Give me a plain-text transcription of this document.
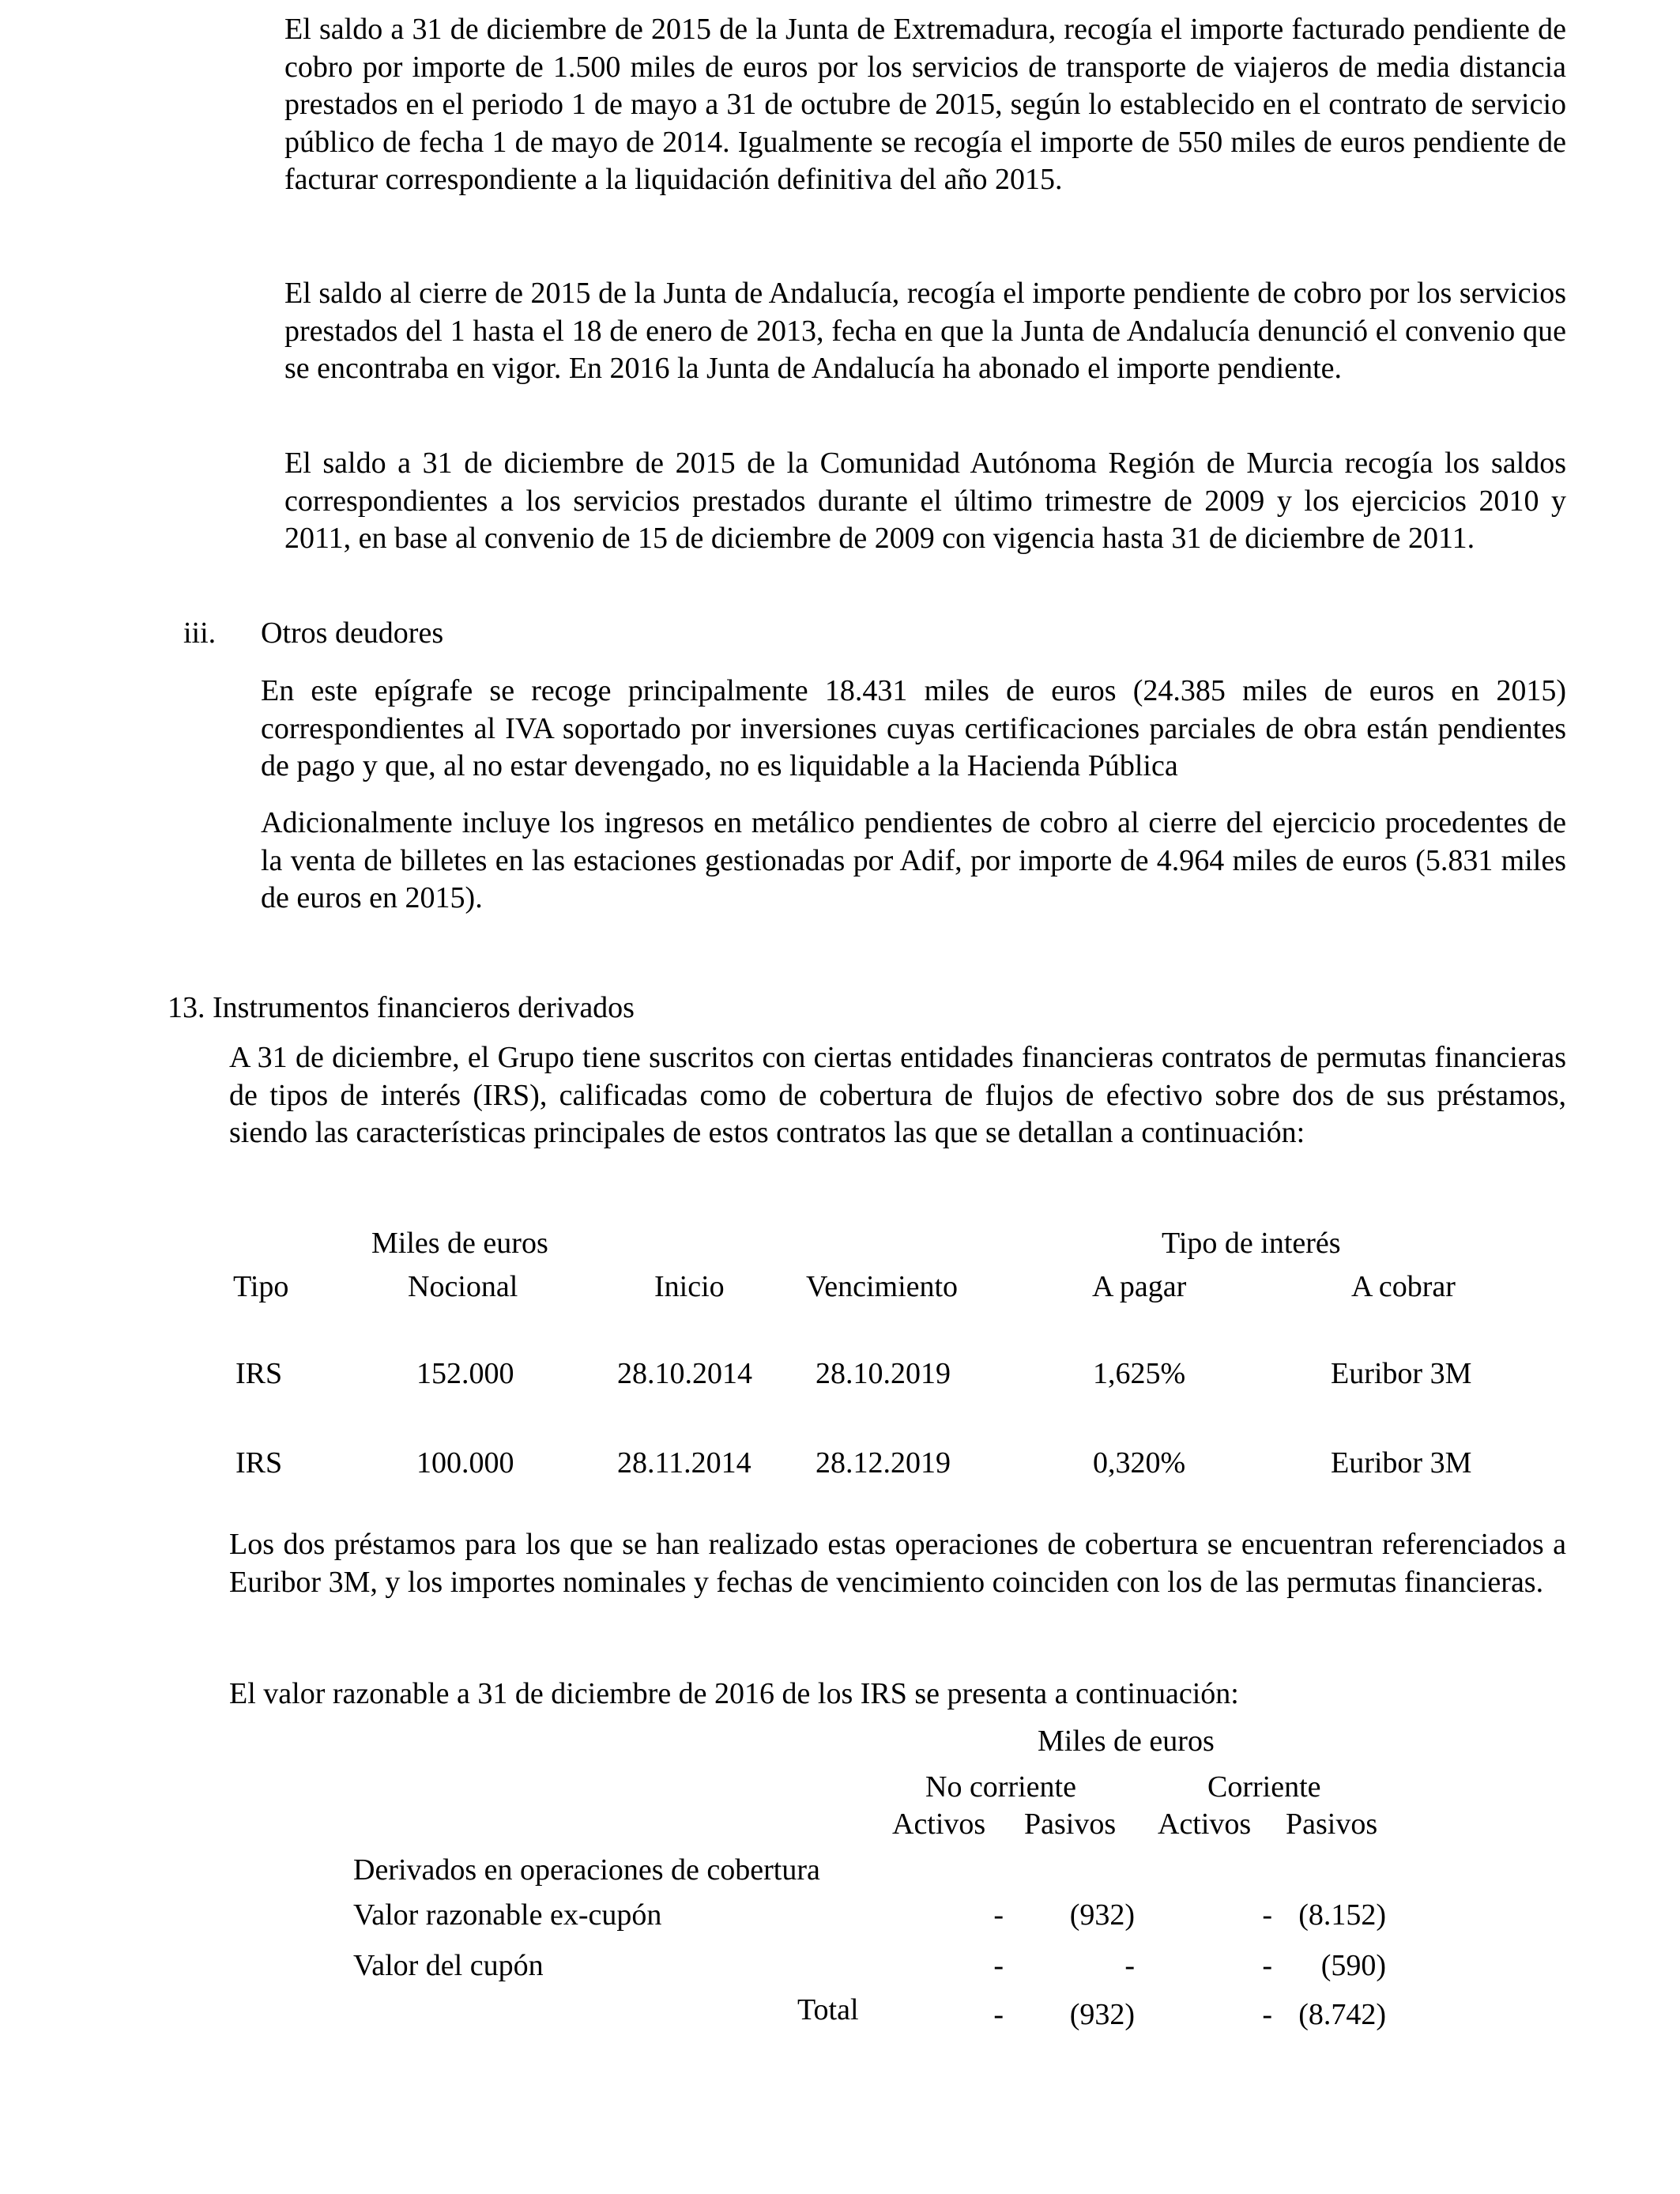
El saldo a 31 de diciembre de 2015 de la Junta de Extremadura, recogía el importe facturado pendiente de cobro por importe de 1.500 miles de euros por los servicios de transporte de viajeros de media distancia prestados en el periodo 1 de mayo a 31 de octubre de 2015, según lo establecido en el contrato de servicio público de fecha 1 de mayo de 2014. Igualmente se recogía el importe de 550 miles de euros pendiente de facturar correspondiente a la liquidación definitiva del año 2015.

El saldo al cierre de 2015 de la Junta de Andalucía, recogía el importe pendiente de cobro por los servicios prestados del 1 hasta el 18 de enero de 2013, fecha en que la Junta de Andalucía denunció el convenio que se encontraba en vigor. En 2016 la Junta de Andalucía ha abonado el importe pendiente.

El saldo a 31 de diciembre de 2015 de la Comunidad Autónoma Región de Murcia recogía los saldos correspondientes a los servicios prestados durante el último trimestre de 2009 y los ejercicios 2010 y 2011, en base al convenio de 15 de diciembre de 2009 con vigencia hasta 31 de diciembre de 2011.

iii. Otros deudores

En este epígrafe se recoge principalmente 18.431 miles de euros (24.385 miles de euros en 2015) correspondientes al IVA soportado por inversiones cuyas certificaciones parciales de obra están pendientes de pago y que, al no estar devengado, no es liquidable a la Hacienda Pública

Adicionalmente incluye los ingresos en metálico pendientes de cobro al cierre del ejercicio procedentes de la venta de billetes en las estaciones gestionadas por Adif, por importe de 4.964 miles de euros (5.831 miles de euros en 2015).

13. Instrumentos financieros derivados

A 31 de diciembre, el Grupo tiene suscritos con ciertas entidades financieras contratos de permutas financieras de tipos de interés (IRS), calificadas como de cobertura de flujos de efectivo sobre dos de sus préstamos, siendo las características principales de estos contratos las que se detallan a continuación:

Miles de euros	Tipo de interés
Tipo	Nocional	Inicio	Vencimiento	A pagar	A cobrar
IRS	152.000	28.10.2014 28.10.2019	1,625%	Euribor 3M
IRS	100.000	28.11.2014 28.12.2019	0,320%	Euribor 3M

Los dos préstamos para los que se han realizado estas operaciones de cobertura se encuentran referenciados a Euribor 3M, y los importes nominales y fechas de vencimiento coinciden con los de las permutas financieras.

El valor razonable a 31 de diciembre de 2016 de los IRS se presenta a continuación:
Miles de euros
No corriente	Corriente
Activos Pasivos Activos Pasivos
Derivados en operaciones de cobertura
Valor razonable ex-cupón	-	(932)	- (8.152)
Valor del cupón	-	-	-	(590)
Total	-	(932)	- (8.742)
